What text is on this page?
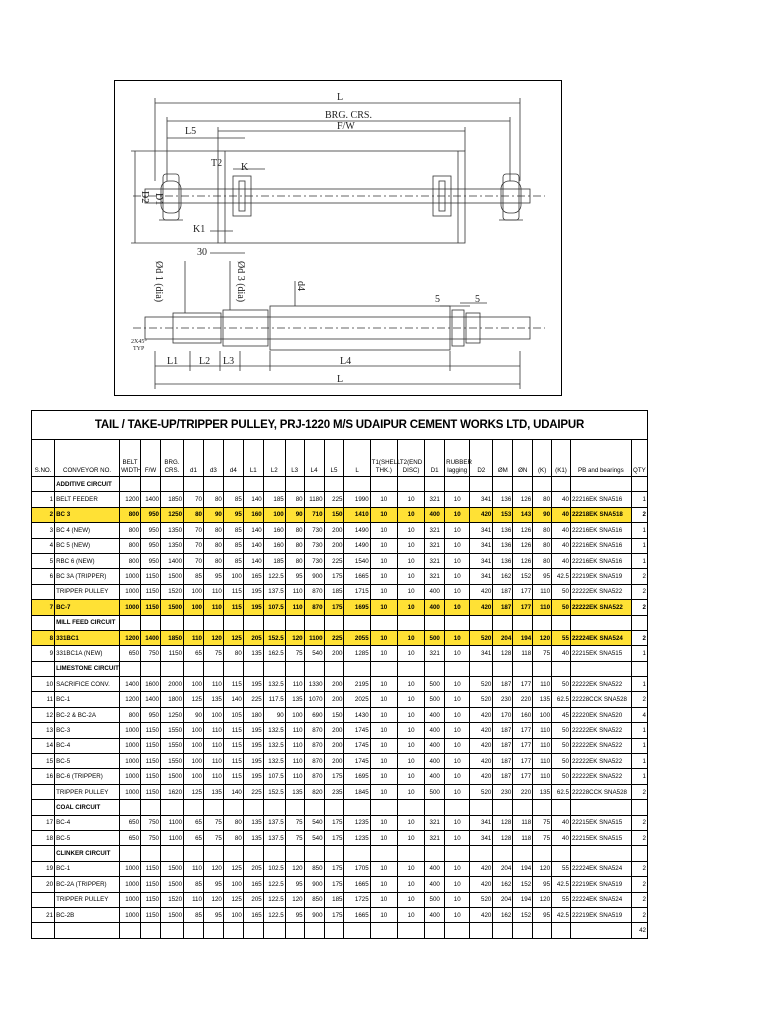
L
BRG. CRS.
F/W
L5
T2 K
K1
30
D2 D1
Ød 1 (dia)	Ød 3 (dia)	d4
5	5
2X45°
TYP
L1 L2 L3	L4
L
TAIL / TAKE-UP/TRIPPER PULLEY, PRJ-1220 M/S UDAIPUR CEMENT WORKS LTD, UDAIPUR																								
S.NO.	CONVEYOR NO.	BELT WIDTH	F/W	BRG. CRS.	d1	d3	d4	L1	L2	L3	L4	L5	L	T1(SHELL THK.)	T2(END DISC)	D1	RUBBER lagging	D2	ØM	ØN	(K)	(K1)	PB and bearings	QTY
	ADDITIVE CIRCUIT																							
1	BELT FEEDER	1200	1400	1850	70	80	85	140	185	80	1180	225	1990	10	10	321	10	341	136	126	80	40	22216EK SNA516	1
2	BC 3	800	950	1250	80	90	95	160	100	90	710	150	1410	10	10	400	10	420	153	143	90	40	22218EK SNA518	2
3	BC 4 (NEW)	800	950	1350	70	80	85	140	160	80	730	200	1490	10	10	321	10	341	136	126	80	40	22216EK SNA516	1
4	BC 5 (NEW)	800	950	1350	70	80	85	140	160	80	730	200	1490	10	10	321	10	341	136	126	80	40	22216EK SNA516	1
5	RBC 6 (NEW)	800	950	1400	70	80	85	140	185	80	730	225	1540	10	10	321	10	341	136	126	80	40	22216EK SNA516	1
6	BC 3A (TRIPPER)	1000	1150	1500	85	95	100	165	122.5	95	900	175	1665	10	10	321	10	341	162	152	95	42.5	22219EK SNA519	2
	TRIPPER PULLEY	1000	1150	1520	100	110	115	195	137.5	110	870	185	1715	10	10	400	10	420	187	177	110	50	22222EK SNA522	2
7	BC-7	1000	1150	1500	100	110	115	195	107.5	110	870	175	1695	10	10	400	10	420	187	177	110	50	22222EK SNA522	2
	MILL FEED CIRCUIT																							
8	331BC1	1200	1400	1850	110	120	125	205	152.5	120	1100	225	2055	10	10	500	10	520	204	194	120	55	22224EK SNA524	2
9	331BC1A (NEW)	650	750	1150	65	75	80	135	162.5	75	540	200	1285	10	10	321	10	341	128	118	75	40	22215EK SNA515	1
	LIMESTONE CIRCUIT																							
10	SACRIFICE CONV.	1400	1600	2000	100	110	115	195	132.5	110	1330	200	2195	10	10	500	10	520	187	177	110	50	22222EK SNA522	1
11	BC-1	1200	1400	1800	125	135	140	225	117.5	135	1070	200	2025	10	10	500	10	520	230	220	135	62.5	22228CCK SNA528	2
12	BC-2 & BC-2A	800	950	1250	90	100	105	180	90	100	690	150	1430	10	10	400	10	420	170	160	100	45	22220EK SNA520	4
13	BC-3	1000	1150	1550	100	110	115	195	132.5	110	870	200	1745	10	10	400	10	420	187	177	110	50	22222EK SNA522	1
14	BC-4	1000	1150	1550	100	110	115	195	132.5	110	870	200	1745	10	10	400	10	420	187	177	110	50	22222EK SNA522	1
15	BC-5	1000	1150	1550	100	110	115	195	132.5	110	870	200	1745	10	10	400	10	420	187	177	110	50	22222EK SNA522	1
16	BC-6 (TRIPPER)	1000	1150	1500	100	110	115	195	107.5	110	870	175	1695	10	10	400	10	420	187	177	110	50	22222EK SNA522	1
	TRIPPER PULLEY	1000	1150	1620	125	135	140	225	152.5	135	820	235	1845	10	10	500	10	520	230	220	135	62.5	22228CCK SNA528	2
	COAL CIRCUIT																							
17	BC-4	650	750	1100	65	75	80	135	137.5	75	540	175	1235	10	10	321	10	341	128	118	75	40	22215EK SNA515	2
18	BC-5	650	750	1100	65	75	80	135	137.5	75	540	175	1235	10	10	321	10	341	128	118	75	40	22215EK SNA515	2
	CLINKER CIRCUIT																							
19	BC-1	1000	1150	1500	110	120	125	205	102.5	120	850	175	1705	10	10	400	10	420	204	194	120	55	22224EK SNA524	2
20	BC-2A (TRIPPER)	1000	1150	1500	85	95	100	165	122.5	95	900	175	1665	10	10	400	10	420	162	152	95	42.5	22219EK SNA519	2
	TRIPPER PULLEY	1000	1150	1520	110	120	125	205	122.5	120	850	185	1725	10	10	500	10	520	204	194	120	55	22224EK SNA524	2
21	BC-2B	1000	1150	1500	85	95	100	165	122.5	95	900	175	1665	10	10	400	10	420	162	152	95	42.5	22219EK SNA519	2
																								42
